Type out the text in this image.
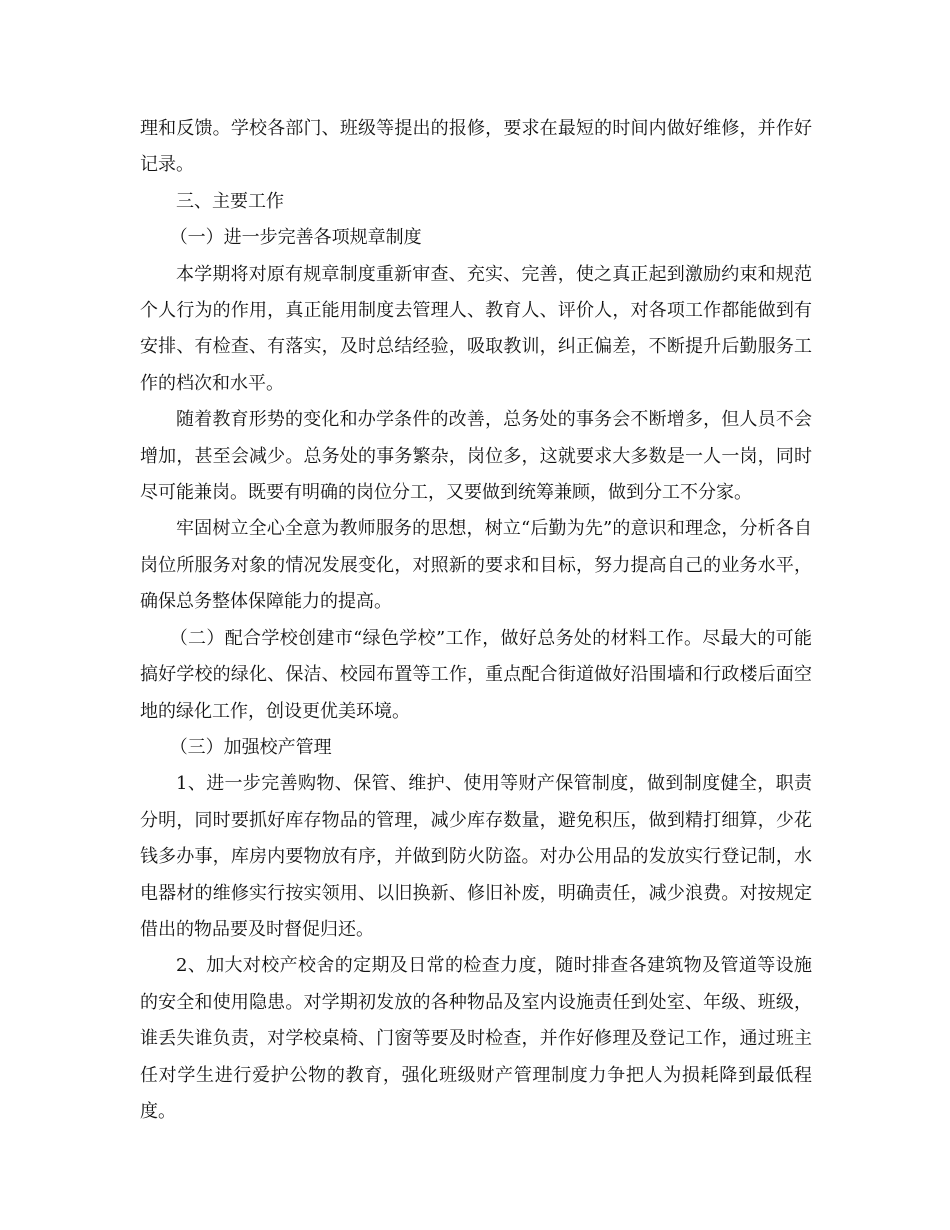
理和反馈。学校各部门、班级等提出的报修，要求在最短的时间内做好维修，并作好记录。

三、主要工作

（一）进一步完善各项规章制度

本学期将对原有规章制度重新审查、充实、完善，使之真正起到激励约束和规范个人行为的作用，真正能用制度去管理人、教育人、评价人，对各项工作都能做到有安排、有检查、有落实，及时总结经验，吸取教训，纠正偏差，不断提升后勤服务工作的档次和水平。

随着教育形势的变化和办学条件的改善，总务处的事务会不断增多，但人员不会增加，甚至会减少。总务处的事务繁杂，岗位多，这就要求大多数是一人一岗，同时尽可能兼岗。既要有明确的岗位分工，又要做到统筹兼顾，做到分工不分家。

牢固树立全心全意为教师服务的思想，树立“后勤为先”的意识和理念，分析各自岗位所服务对象的情况发展变化，对照新的要求和目标，努力提高自己的业务水平，确保总务整体保障能力的提高。

（二）配合学校创建市“绿色学校”工作，做好总务处的材料工作。尽最大的可能搞好学校的绿化、保洁、校园布置等工作，重点配合街道做好沿围墙和行政楼后面空地的绿化工作，创设更优美环境。

（三）加强校产管理

1、进一步完善购物、保管、维护、使用等财产保管制度，做到制度健全，职责分明，同时要抓好库存物品的管理，减少库存数量，避免积压，做到精打细算，少花钱多办事，库房内要物放有序，并做到防火防盗。对办公用品的发放实行登记制，水电器材的维修实行按实领用、以旧换新、修旧补废，明确责任，减少浪费。对按规定借出的物品要及时督促归还。

2、加大对校产校舍的定期及日常的检查力度，随时排查各建筑物及管道等设施的安全和使用隐患。对学期初发放的各种物品及室内设施责任到处室、年级、班级，谁丢失谁负责，对学校桌椅、门窗等要及时检查，并作好修理及登记工作，通过班主任对学生进行爱护公物的教育，强化班级财产管理制度力争把人为损耗降到最低程度。
